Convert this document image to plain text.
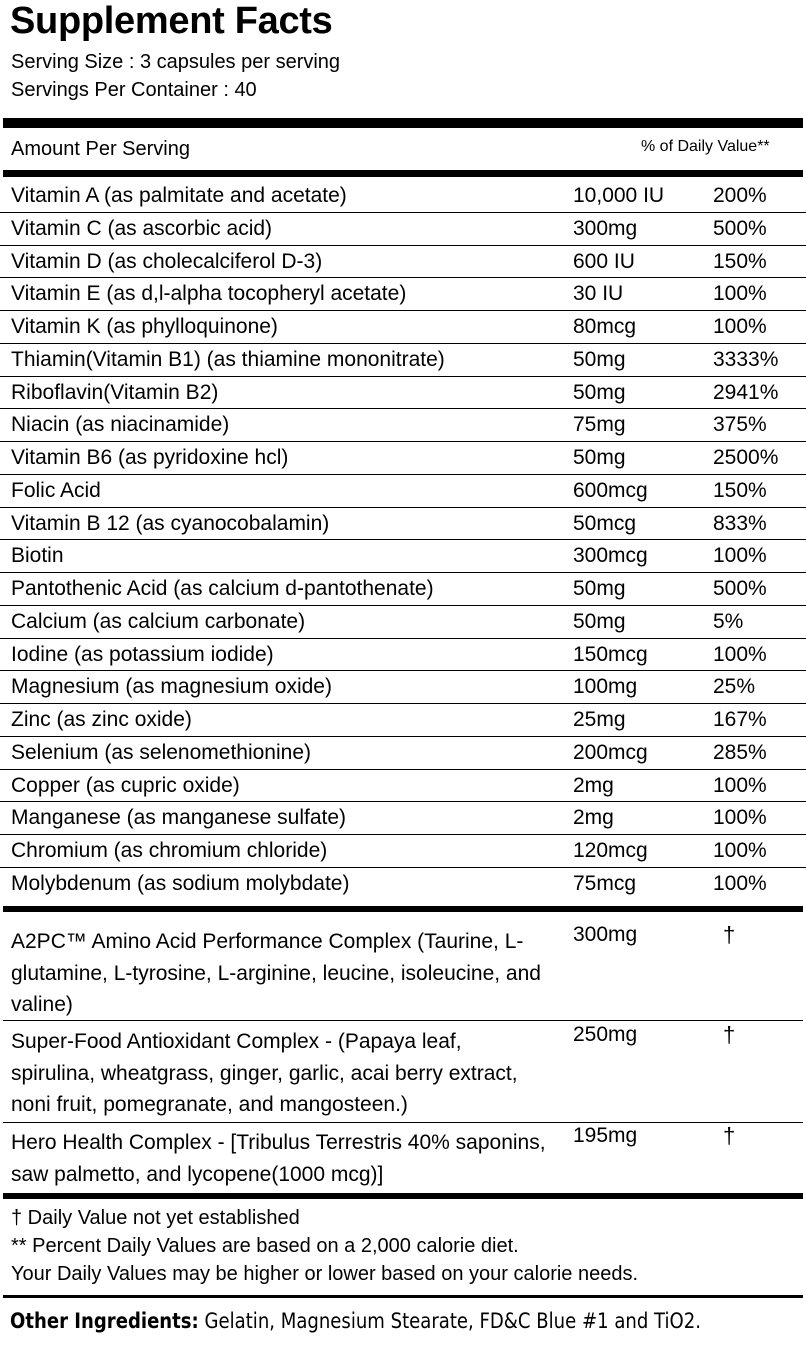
Supplement Facts
Serving Size : 3 capsules per serving
Servings Per Container : 40
Amount Per Serving	% of Daily Value**
Vitamin A (as palmitate and acetate)	10,000 IU 200%
Vitamin C (as ascorbic acid)	300mg	500%
Vitamin D (as cholecalciferol D-3)	600 IU	150%
Vitamin E (as d,l-alpha tocopheryl acetate)	30 IU	100%
Vitamin K (as phylloquinone)	80mcg	100%
Thiamin(Vitamin B1) (as thiamine mononitrate)	50mg	3333%
Riboflavin(Vitamin B2)	50mg	2941%
Niacin (as niacinamide)	75mg	375%
Vitamin B6 (as pyridoxine hcl)	50mg	2500%
Folic Acid	600mcg	150%
Vitamin B 12 (as cyanocobalamin)	50mcg	833%
Biotin	300mcg	100%
Pantothenic Acid (as calcium d-pantothenate)	50mg	500%
Calcium (as calcium carbonate)	50mg	5%
Iodine (as potassium iodide)	150mcg	100%
Magnesium (as magnesium oxide)	100mg	25%
Zinc (as zinc oxide)	25mg	167%
Selenium (as selenomethionine)	200mcg	285%
Copper (as cupric oxide)	2mg	100%
Manganese (as manganese sulfate)	2mg	100%
Chromium (as chromium chloride)	120mcg	100%
Molybdenum (as sodium molybdate)	75mcg	100%
A2PC™ Amino Acid Performance Complex (Taurine, L-glutamine, L-tyrosine, L-arginine, leucine, isoleucine, and valine)
300mg	†
Super-Food Antioxidant Complex - (Papaya leaf, spirulina, wheatgrass, ginger, garlic, acai berry extract, noni fruit, pomegranate, and mangosteen.)
250mg	†
Hero Health Complex - [Tribulus Terrestris 40% saponins, saw palmetto, and lycopene(1000 mcg)]
195mg	†
† Daily Value not yet established
** Percent Daily Values are based on a 2,000 calorie diet.
Your Daily Values may be higher or lower based on your calorie needs.
Other Ingredients: Gelatin, Magnesium Stearate, FD&C Blue #1 and TiO2.
